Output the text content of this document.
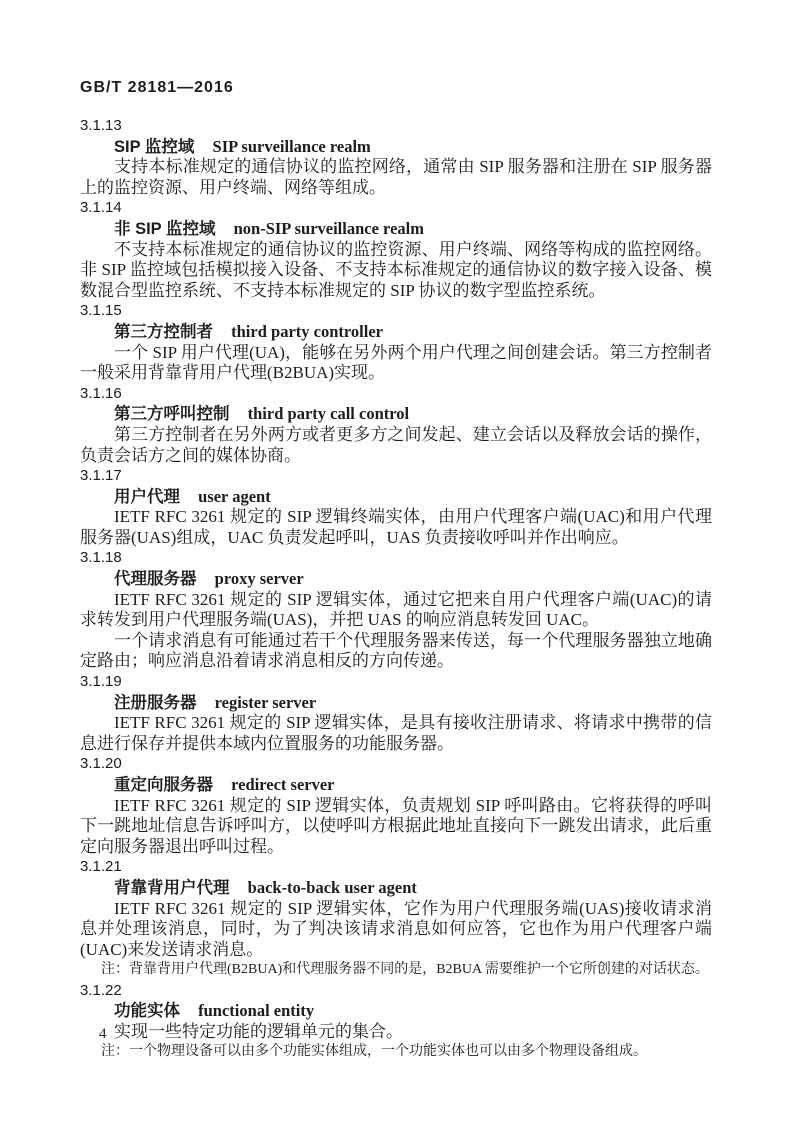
GB/T 28181—2016
3.1.13
SIP 监控域 SIP surveillance realm

支持本标准规定的通信协议的监控网络，通常由 SIP 服务器和注册在 SIP 服务器上的监控资源、用户终端、网络等组成。

3.1.14
非 SIP 监控域 non-SIP surveillance realm

不支持本标准规定的通信协议的监控资源、用户终端、网络等构成的监控网络。非 SIP 监控域包括模拟接入设备、不支持本标准规定的通信协议的数字接入设备、模数混合型监控系统、不支持本标准规定的 SIP 协议的数字型监控系统。

3.1.15
第三方控制者 third party controller

一个 SIP 用户代理(UA)，能够在另外两个用户代理之间创建会话。第三方控制者一般采用背靠背用户代理(B2BUA)实现。

3.1.16
第三方呼叫控制 third party call control

第三方控制者在另外两方或者更多方之间发起、建立会话以及释放会话的操作，负责会话方之间的媒体协商。

3.1.17
用户代理 user agent

IETF RFC 3261 规定的 SIP 逻辑终端实体，由用户代理客户端(UAC)和用户代理服务器(UAS)组成，UAC 负责发起呼叫，UAS 负责接收呼叫并作出响应。

3.1.18
代理服务器 proxy server

IETF RFC 3261 规定的 SIP 逻辑实体，通过它把来自用户代理客户端(UAC)的请求转发到用户代理服务端(UAS)，并把 UAS 的响应消息转发回 UAC。

一个请求消息有可能通过若干个代理服务器来传送，每一个代理服务器独立地确定路由；响应消息沿着请求消息相反的方向传递。

3.1.19
注册服务器 register server

IETF RFC 3261 规定的 SIP 逻辑实体，是具有接收注册请求、将请求中携带的信息进行保存并提供本域内位置服务的功能服务器。

3.1.20
重定向服务器 redirect server

IETF RFC 3261 规定的 SIP 逻辑实体，负责规划 SIP 呼叫路由。它将获得的呼叫下一跳地址信息告诉呼叫方，以使呼叫方根据此地址直接向下一跳发出请求，此后重定向服务器退出呼叫过程。

3.1.21
背靠背用户代理 back-to-back user agent

IETF RFC 3261 规定的 SIP 逻辑实体，它作为用户代理服务端(UAS)接收请求消息并处理该消息，同时，为了判决该请求消息如何应答，它也作为用户代理客户端(UAC)来发送请求消息。

注：背靠背用户代理(B2BUA)和代理服务器不同的是，B2BUA 需要维护一个它所创建的对话状态。
3.1.22
功能实体 functional entity

实现一些特定功能的逻辑单元的集合。

注：一个物理设备可以由多个功能实体组成，一个功能实体也可以由多个物理设备组成。
4
